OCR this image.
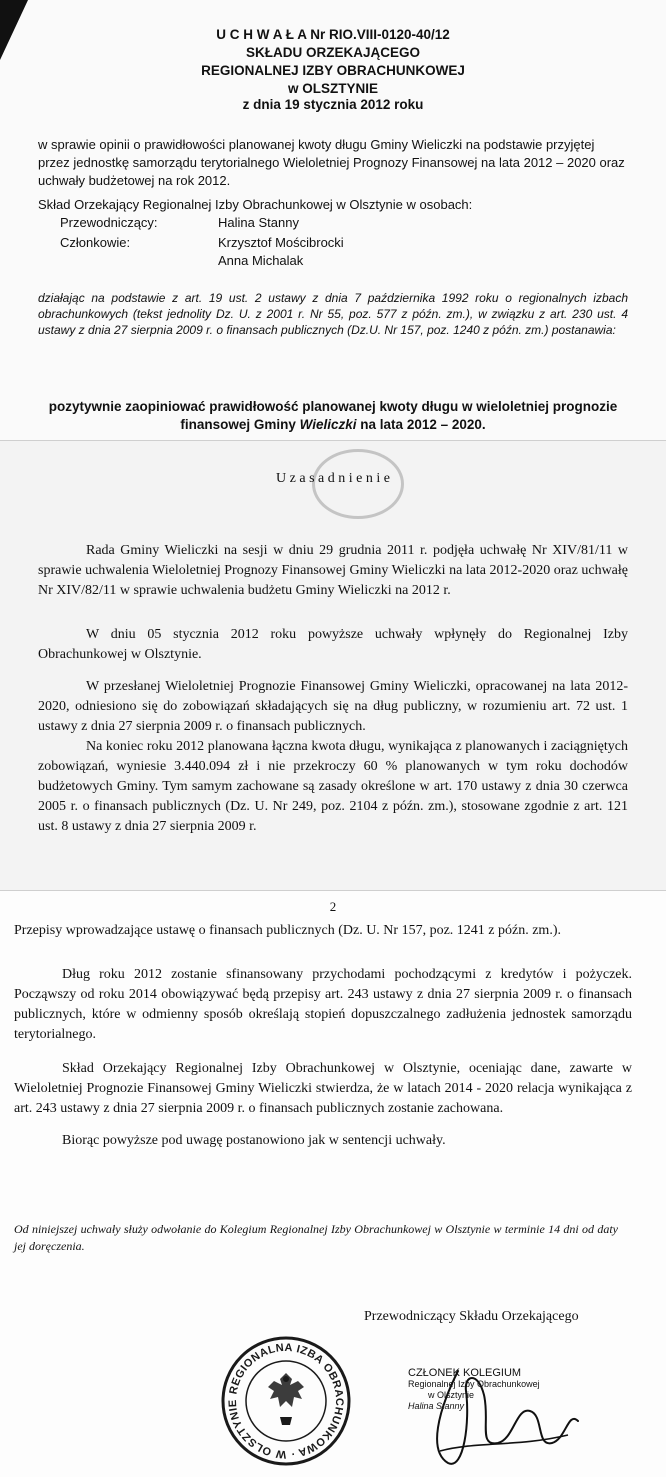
U C H W A Ł A Nr RIO.VIII-0120-40/12
SKŁADU ORZEKAJĄCEGO
REGIONALNEJ IZBY OBRACHUNKOWEJ
w OLSZTYNIE
z dnia 19 stycznia 2012 roku
w sprawie opinii o prawidłowości planowanej kwoty długu Gminy Wieliczki na podstawie przyjętej przez jednostkę samorządu terytorialnego Wieloletniej Prognozy Finansowej na lata 2012 – 2020 oraz uchwały budżetowej na rok 2012.
Skład Orzekający Regionalnej Izby Obrachunkowej w Olsztynie w osobach:
Przewodniczący:	Halina Stanny
Członkowie:	Krzysztof Mościbrocki
Anna Michalak
działając na podstawie z art. 19 ust. 2 ustawy z dnia 7 października 1992 roku o regionalnych izbach obrachunkowych (tekst jednolity Dz. U. z 2001 r. Nr 55, poz. 577 z późn. zm.), w związku z art. 230 ust. 4 ustawy z dnia 27 sierpnia 2009 r. o finansach publicznych (Dz.U. Nr 157, poz. 1240 z późn. zm.) postanawia:
pozytywnie zaopiniować prawidłowość planowanej kwoty długu w wieloletniej prognozie finansowej Gminy Wieliczki na lata 2012 – 2020.
U z a s a d n i e n i e
Rada Gminy Wieliczki na sesji w dniu 29 grudnia 2011 r. podjęła uchwałę Nr XIV/81/11 w sprawie uchwalenia Wieloletniej Prognozy Finansowej Gminy Wieliczki na lata 2012-2020 oraz uchwałę Nr XIV/82/11 w sprawie uchwalenia budżetu Gminy Wieliczki na 2012 r.
W dniu 05 stycznia 2012 roku powyższe uchwały wpłynęły do Regionalnej Izby Obrachunkowej w Olsztynie.
W przesłanej Wieloletniej Prognozie Finansowej Gminy Wieliczki, opracowanej na lata 2012- 2020, odniesiono się do zobowiązań składających się na dług publiczny, w rozumieniu art. 72 ust. 1 ustawy z dnia 27 sierpnia 2009 r. o finansach publicznych.
Na koniec roku 2012 planowana łączna kwota długu, wynikająca z planowanych i zaciągniętych zobowiązań, wyniesie 3.440.094 zł i nie przekroczy 60 % planowanych w tym roku dochodów budżetowych Gminy. Tym samym zachowane są zasady określone w art. 170 ustawy z dnia 30 czerwca 2005 r. o finansach publicznych (Dz. U. Nr 249, poz. 2104 z późn. zm.), stosowane zgodnie z art. 121 ust. 8 ustawy z dnia 27 sierpnia 2009 r.
2
Przepisy wprowadzające ustawę o finansach publicznych (Dz. U. Nr 157, poz. 1241 z późn. zm.).
Dług roku 2012 zostanie sfinansowany przychodami pochodzącymi z kredytów i pożyczek. Począwszy od roku 2014 obowiązywać będą przepisy art. 243 ustawy z dnia 27 sierpnia 2009 r. o finansach publicznych, które w odmienny sposób określają stopień dopuszczalnego zadłużenia jednostek samorządu terytorialnego.
Skład Orzekający Regionalnej Izby Obrachunkowej w Olsztynie, oceniając dane, zawarte w Wieloletniej Prognozie Finansowej Gminy Wieliczki stwierdza, że w latach 2014 - 2020 relacja wynikająca z art. 243 ustawy z dnia 27 sierpnia 2009 r. o finansach publicznych zostanie zachowana.
Biorąc powyższe pod uwagę postanowiono jak w sentencji uchwały.
Od niniejszej uchwały służy odwołanie do Kolegium Regionalnej Izby Obrachunkowej w Olsztynie w terminie 14 dni od daty jej doręczenia.
Przewodniczący Składu Orzekającego
REGIONALNA IZBA OBRACHUNKOWA · W OLSZTYNIE
CZŁONEK KOLEGIUM
Regionalnej Izby Obrachunkowej
w Olsztynie
Halina Stanny
